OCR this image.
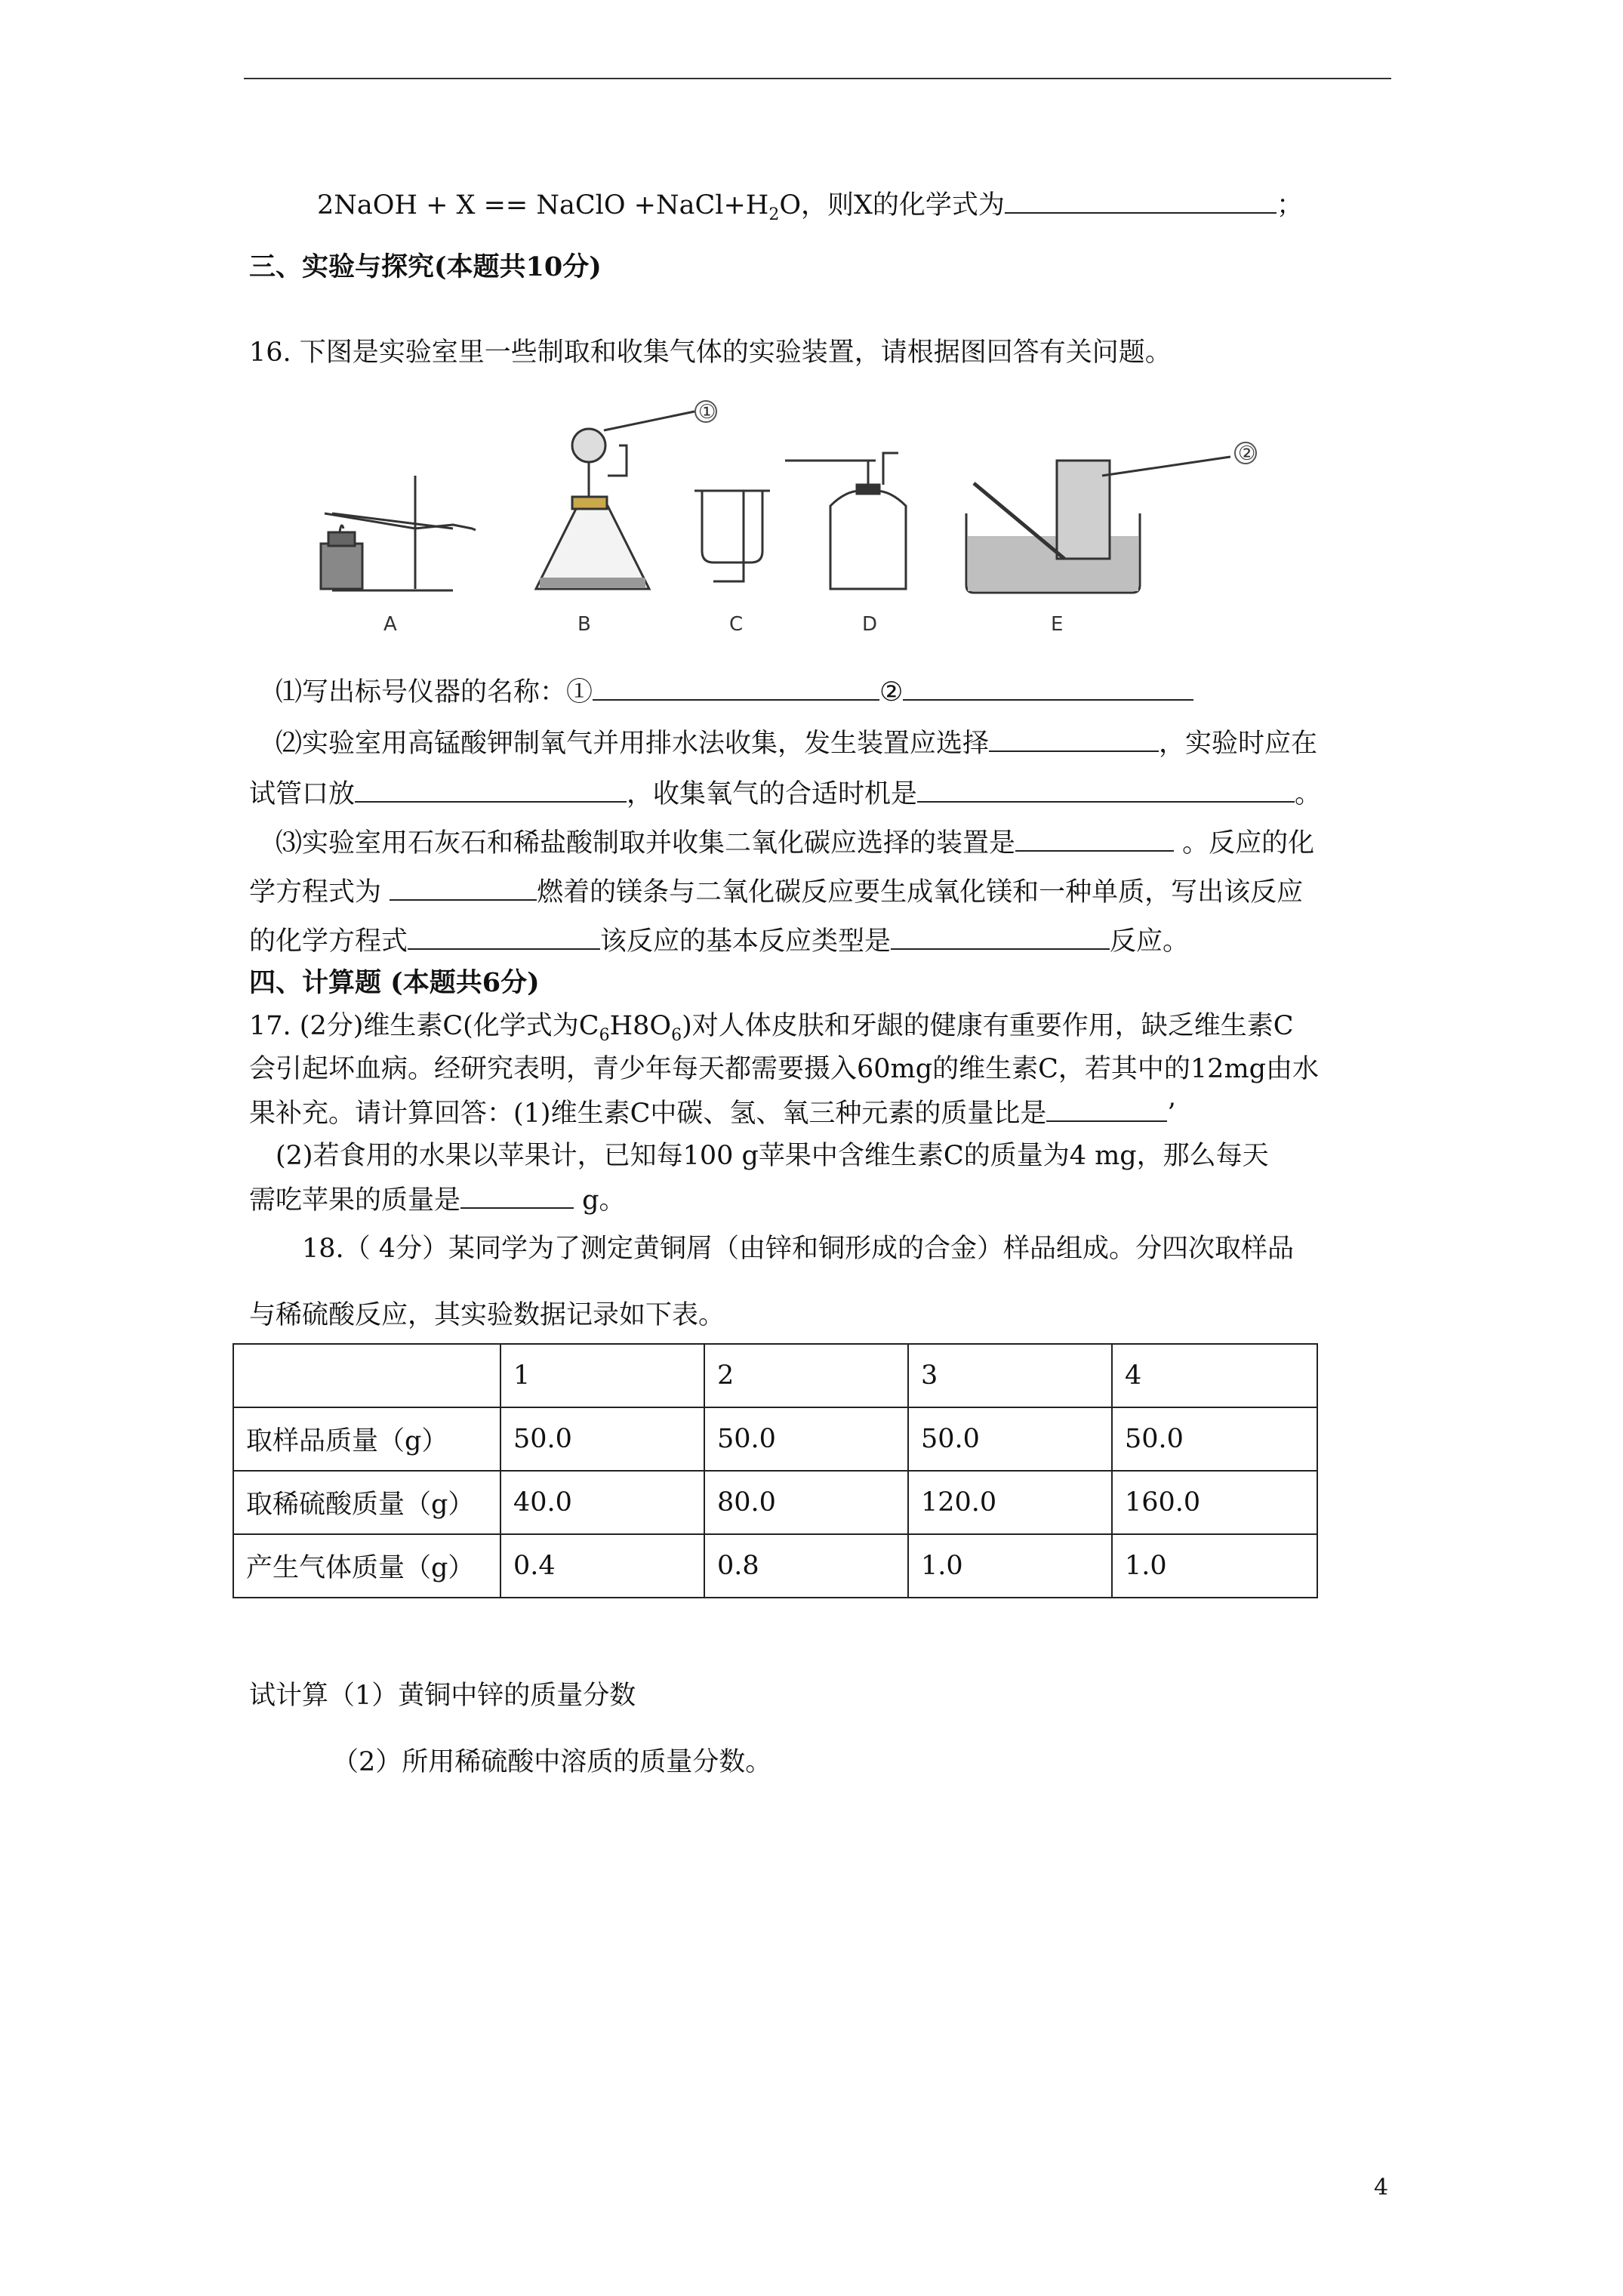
2NaOH + X == NaClO $+NaCl+H_2O$，则X的化学式为	；
三、实验与探究(本题共10分)
16. 下图是实验室里一些制取和收集气体的实验装置，请根据图回答有关问题。
①
②
A	B	C	D	E
⑴写出标号仪器的名称：①	②
⑵实验室用高锰酸钾制氧气并用排水法收集，发生装置应选择	，实验时应在
试管口放	，收集氧气的合适时机是	。
⑶实验室用石灰石和稀盐酸制取并收集二氧化碳应选择的装置是	。反应的化
学方程式为	燃着的镁条与二氧化碳反应要生成氧化镁和一种单质，写出该反应
的化学方程式	该反应的基本反应类型是	反应。
四、计算题 (本题共6分)
17. (2分)维生素C(化学式为$C_6H8O_6$)对人体皮肤和牙龈的健康有重要作用，缺乏维生素C
会引起坏血病。经研究表明，青少年每天都需要摄入60mg的维生素C，若其中的12mg由水
果补充。请计算回答：(1)维生素C中碳、氢、氧三种元素的质量比是	’
(2)若食用的水果以苹果计，已知每100 g苹果中含维生素C的质量为4 mg，那么每天
需吃苹果的质量是	g。
18.（ 4分）某同学为了测定黄铜屑（由锌和铜形成的合金）样品组成。分四次取样品
与稀硫酸反应，其实验数据记录如下表。
	1	2	3	4
取样品质量（g）	50.0	50.0	50.0	50.0
取稀硫酸质量（g）	40.0	80.0	120.0	160.0
产生气体质量（g）	0.4	0.8	1.0	1.0
试计算（1）黄铜中锌的质量分数
（2）所用稀硫酸中溶质的质量分数。
4
